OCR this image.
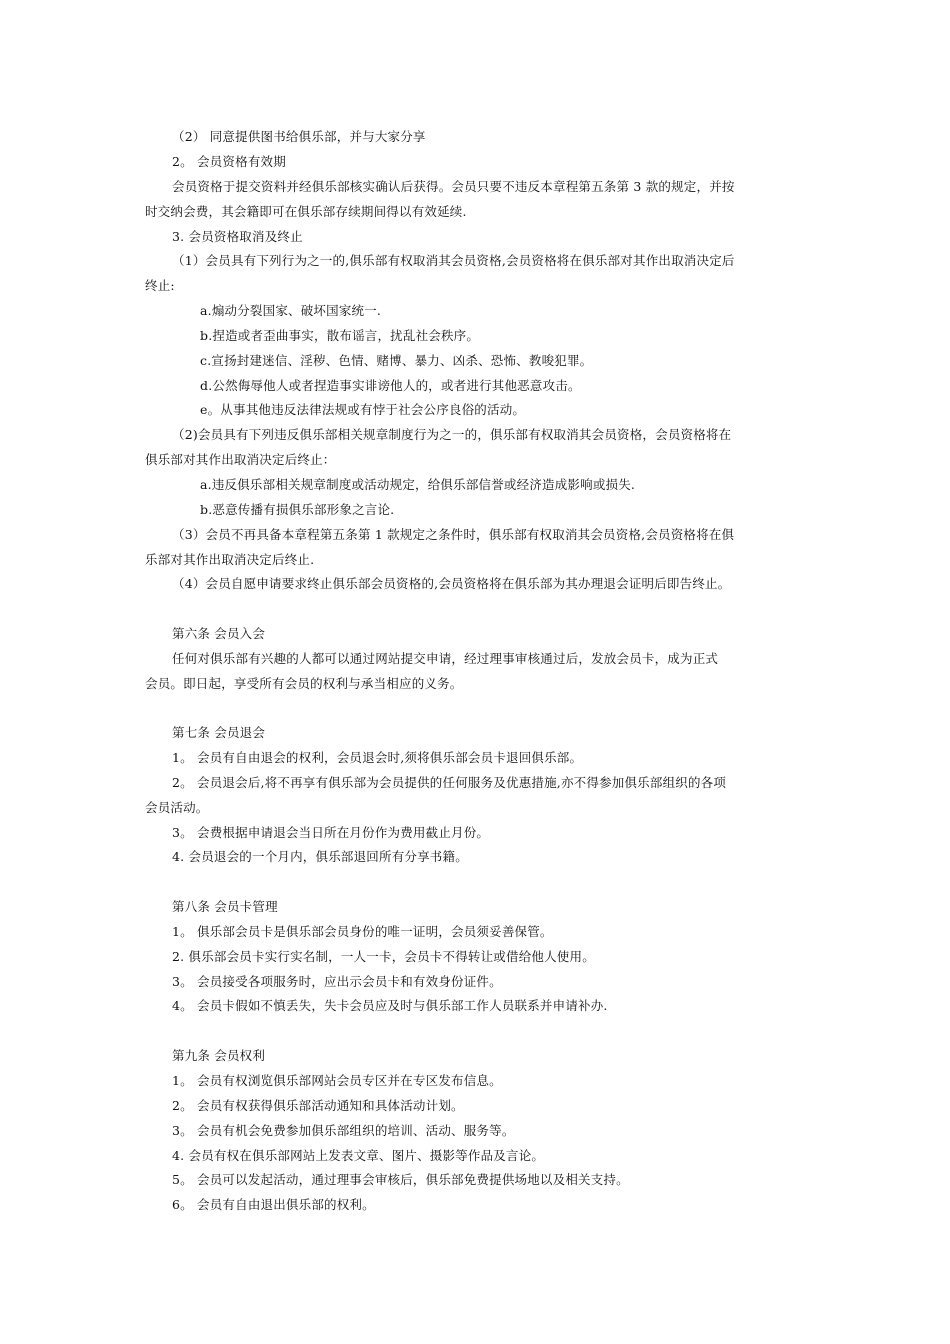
（2） 同意提供图书给俱乐部，并与大家分享
2。 会员资格有效期
会员资格于提交资料并经俱乐部核实确认后获得。会员只要不违反本章程第五条第 3 款的规定，并按
时交纳会费，其会籍即可在俱乐部存续期间得以有效延续.
3. 会员资格取消及终止
（1）会员具有下列行为之一的,俱乐部有权取消其会员资格,会员资格将在俱乐部对其作出取消决定后
终止:
a.煽动分裂国家、破坏国家统一.
b.捏造或者歪曲事实，散布谣言，扰乱社会秩序。
c.宣扬封建迷信、淫秽、色情、赌博、暴力、凶杀、恐怖、教唆犯罪。
d.公然侮辱他人或者捏造事实诽谤他人的，或者进行其他恶意攻击。
e。从事其他违反法律法规或有悖于社会公序良俗的活动。
（2)会员具有下列违反俱乐部相关规章制度行为之一的，俱乐部有权取消其会员资格，会员资格将在
俱乐部对其作出取消决定后终止：
a.违反俱乐部相关规章制度或活动规定，给俱乐部信誉或经济造成影响或损失.
b.恶意传播有损俱乐部形象之言论.
（3）会员不再具备本章程第五条第 1 款规定之条件时，俱乐部有权取消其会员资格,会员资格将在俱
乐部对其作出取消决定后终止.
（4）会员自愿申请要求终止俱乐部会员资格的,会员资格将在俱乐部为其办理退会证明后即告终止。
第六条 会员入会
任何对俱乐部有兴趣的人都可以通过网站提交申请，经过理事审核通过后，发放会员卡，成为正式
会员。即日起，享受所有会员的权利与承当相应的义务。
第七条 会员退会
1。 会员有自由退会的权利，会员退会时,须将俱乐部会员卡退回俱乐部。
2。 会员退会后,将不再享有俱乐部为会员提供的任何服务及优惠措施,亦不得参加俱乐部组织的各项
会员活动。
3。 会费根据申请退会当日所在月份作为费用截止月份。
4. 会员退会的一个月内，俱乐部退回所有分享书籍。
第八条 会员卡管理
1。 俱乐部会员卡是俱乐部会员身份的唯一证明，会员须妥善保管。
2. 俱乐部会员卡实行实名制，一人一卡，会员卡不得转让或借给他人使用。
3。 会员接受各项服务时，应出示会员卡和有效身份证件。
4。 会员卡假如不慎丢失，失卡会员应及时与俱乐部工作人员联系并申请补办.
第九条 会员权利
1。 会员有权浏览俱乐部网站会员专区并在专区发布信息。
2。 会员有权获得俱乐部活动通知和具体活动计划。
3。 会员有机会免费参加俱乐部组织的培训、活动、服务等。
4. 会员有权在俱乐部网站上发表文章、图片、摄影等作品及言论。
5。 会员可以发起活动，通过理事会审核后，俱乐部免费提供场地以及相关支持。
6。 会员有自由退出俱乐部的权利。
